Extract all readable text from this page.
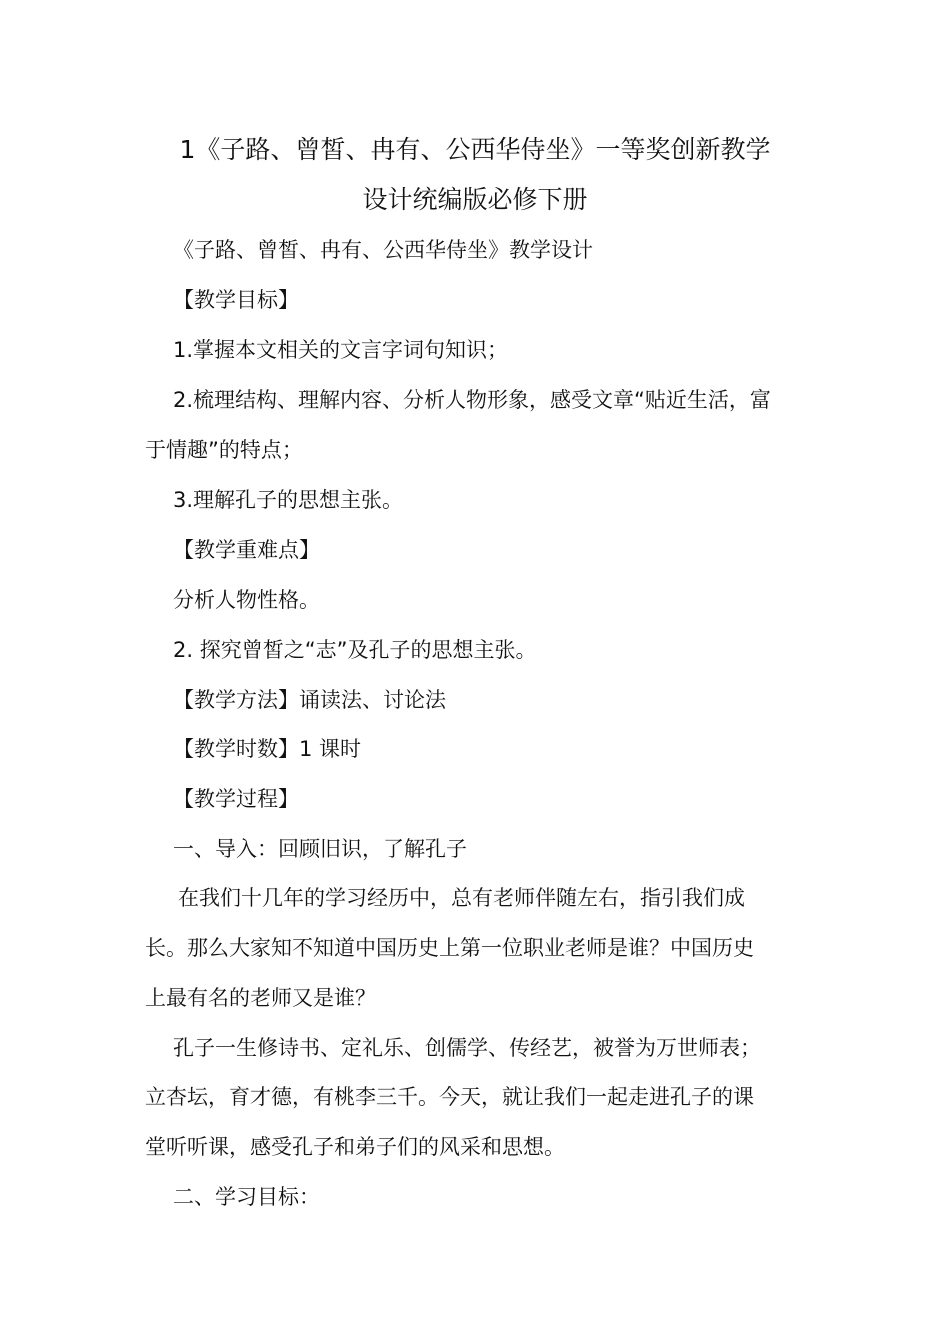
1《子路、曾皙、冉有、公西华侍坐》一等奖创新教学
设计统编版必修下册
《子路、曾皙、冉有、公西华侍坐》教学设计
【教学目标】
1.掌握本文相关的文言字词句知识；
2.梳理结构、理解内容、分析人物形象，感受文章“贴近生活，富
于情趣”的特点；
3.理解孔子的思想主张。
【教学重难点】
分析人物性格。
2. 探究曾皙之“志”及孔子的思想主张。
【教学方法】诵读法、讨论法
【教学时数】1 课时
【教学过程】
一、导入：回顾旧识，了解孔子
在我们十几年的学习经历中，总有老师伴随左右，指引我们成
长。那么大家知不知道中国历史上第一位职业老师是谁？中国历史
上最有名的老师又是谁？
孔子一生修诗书、定礼乐、创儒学、传经艺，被誉为万世师表；
立杏坛，育才德，有桃李三千。今天，就让我们一起走进孔子的课
堂听听课，感受孔子和弟子们的风采和思想。
二、学习目标：
